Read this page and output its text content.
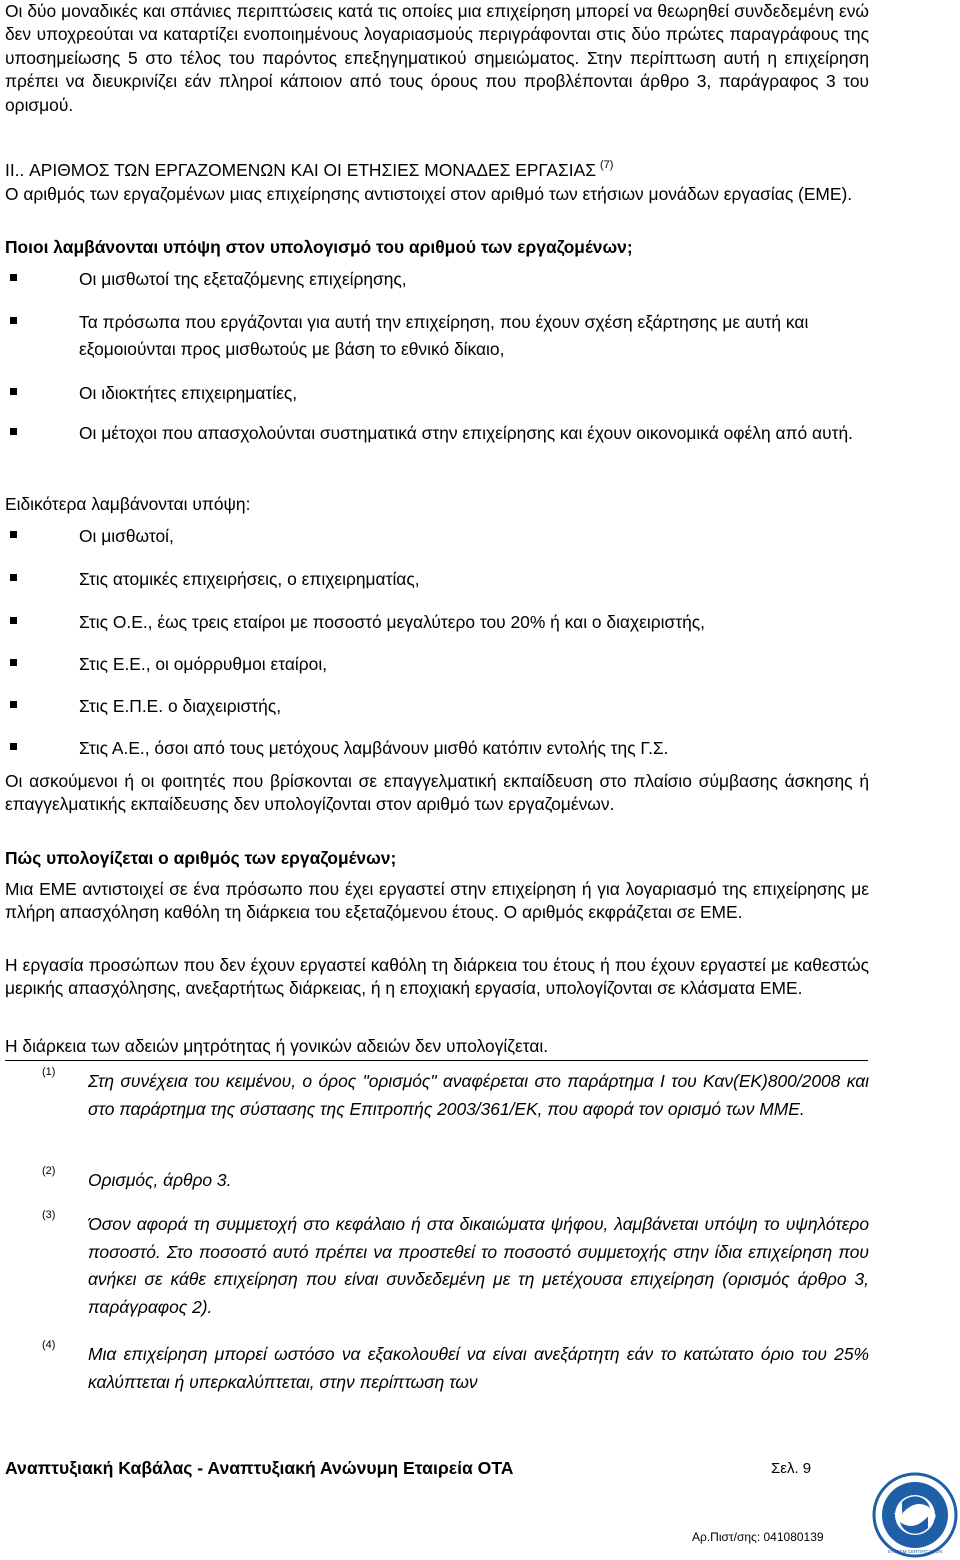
Οι δύο μοναδικές και σπάνιες περιπτώσεις κατά τις οποίες μια επιχείρηση μπορεί να θεωρηθεί συνδεδεμένη ενώ δεν υποχρεούται να καταρτίζει ενοποιημένους λογαριασμούς περιγράφονται στις δύο πρώτες παραγράφους της υποσημείωσης 5 στο τέλος του παρόντος επεξηγηματικού σημειώματος. Στην περίπτωση αυτή η επιχείρηση πρέπει να διευκρινίζει εάν πληροί κάποιον από τους όρους που προβλέπονται άρθρο 3, παράγραφος 3 του ορισμού.

II.. ΑΡΙΘΜΟΣ ΤΩΝ ΕΡΓΑΖΟΜΕΝΩΝ ΚΑΙ ΟΙ ΕΤΗΣΙΕΣ ΜΟΝΑΔΕΣ ΕΡΓΑΣΙΑΣ $^{(7)}$

Ο αριθμός των εργαζομένων μιας επιχείρησης αντιστοιχεί στον αριθμό των ετήσιων μονάδων εργασίας (ΕΜΕ).

Ποιοι λαμβάνονται υπόψη στον υπολογισμό του αριθμού των εργαζομένων;

Οι μισθωτοί της εξεταζόμενης επιχείρησης,

Τα πρόσωπα που εργάζονται για αυτή την επιχείρηση, που έχουν σχέση εξάρτησης με αυτή και εξομοιούνται προς μισθωτούς με βάση το εθνικό δίκαιο,

Οι ιδιοκτήτες επιχειρηματίες,

Οι μέτοχοι που απασχολούνται συστηματικά στην επιχείρησης και έχουν οικονομικά οφέλη από αυτή.

Ειδικότερα λαμβάνονται υπόψη:

Οι μισθωτοί,

Στις ατομικές επιχειρήσεις, ο επιχειρηματίας,

Στις Ο.Ε., έως τρεις εταίροι με ποσοστό μεγαλύτερο του 20% ή και ο διαχειριστής,

Στις Ε.Ε., οι ομόρρυθμοι εταίροι,

Στις Ε.Π.Ε. ο διαχειριστής,

Στις Α.Ε., όσοι από τους μετόχους λαμβάνουν μισθό κατόπιν εντολής της Γ.Σ.

Οι ασκούμενοι ή οι φοιτητές που βρίσκονται σε επαγγελματική εκπαίδευση στο πλαίσιο σύμβασης άσκησης ή επαγγελματικής εκπαίδευσης δεν υπολογίζονται στον αριθμό των εργαζομένων.

Πώς υπολογίζεται ο αριθμός των εργαζομένων;

Μια ΕΜΕ αντιστοιχεί σε ένα πρόσωπο που έχει εργαστεί στην επιχείρηση ή για λογαριασμό της επιχείρησης με πλήρη απασχόληση καθόλη τη διάρκεια του εξεταζόμενου έτους. Ο αριθμός εκφράζεται σε ΕΜΕ.

Η εργασία προσώπων που δεν έχουν εργαστεί καθόλη τη διάρκεια του έτους ή που έχουν εργαστεί με καθεστώς μερικής απασχόλησης, ανεξαρτήτως διάρκειας, ή η εποχιακή εργασία, υπολογίζονται σε κλάσματα ΕΜΕ.

Η διάρκεια των αδειών μητρότητας ή γονικών αδειών δεν υπολογίζεται.

(1) Στη συνέχεια του κειμένου, ο όρος "ορισμός" αναφέρεται στο παράρτημα I του Καν(ΕΚ)800/2008 και στο παράρτημα της σύστασης της Επιτροπής 2003/361/ΕΚ, που αφορά τον ορισμό των ΜΜΕ.

(2) Ορισμός, άρθρο 3.

(3) Όσον αφορά τη συμμετοχή στο κεφάλαιο ή στα δικαιώματα ψήφου, λαμβάνεται υπόψη το υψηλότερο ποσοστό. Στο ποσοστό αυτό πρέπει να προστεθεί το ποσοστό συμμετοχής στην ίδια επιχείρηση που ανήκει σε κάθε επιχείρηση που είναι συνδεδεμένη με τη μετέχουσα επιχείρηση (ορισμός άρθρο 3, παράγραφος 2).

(4) Μια επιχείρηση μπορεί ωστόσο να εξακολουθεί να είναι ανεξάρτητη εάν το κατώτατο όριο του 25% καλύπτεται ή υπερκαλύπτεται, στην περίπτωση των

Αναπτυξιακή Καβάλας - Αναπτυξιακή Ανώνυμη Εταιρεία ΟΤΑ	Σελ. 9
Αρ.Πιστ/σης: 041080139
TÜV NORD
SYSTEM CERTIFICATION
